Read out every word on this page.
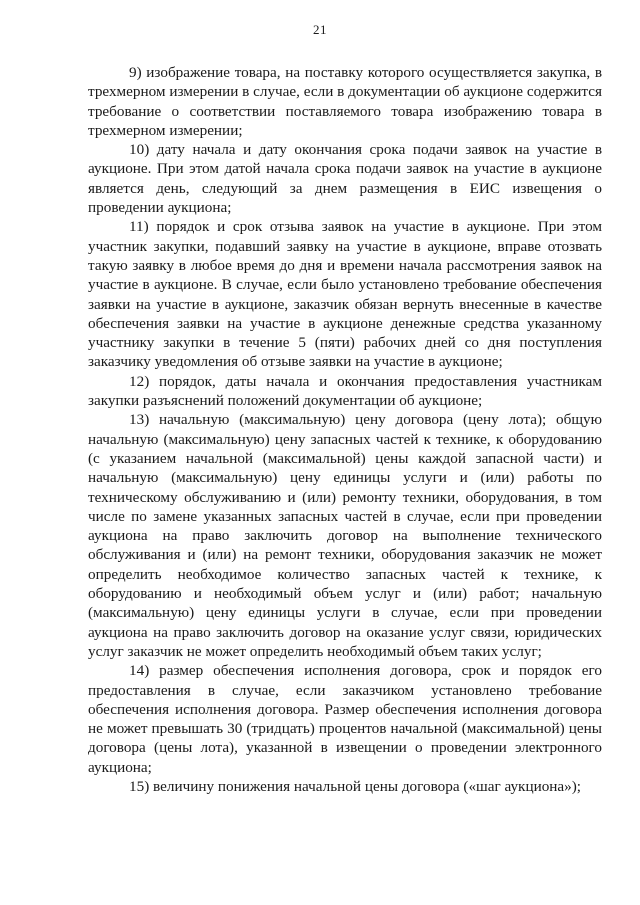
21

9) изображение товара, на поставку которого осуществляется закупка, в трехмерном измерении в случае, если в документации об аукционе содержится требование о соответствии поставляемого товара изображению товара в трехмерном измерении;

10) дату начала и дату окончания срока подачи заявок на участие в аукционе. При этом датой начала срока подачи заявок на участие в аукционе является день, следующий за днем размещения в ЕИС извещения о проведении аукциона;

11) порядок и срок отзыва заявок на участие в аукционе. При этом участник закупки, подавший заявку на участие в аукционе, вправе отозвать такую заявку в любое время до дня и времени начала рассмотрения заявок на участие в аукционе. В случае, если было установлено требование обеспечения заявки на участие в аукционе, заказчик обязан вернуть внесенные в качестве обеспечения заявки на участие в аукционе денежные средства указанному участнику закупки в течение 5 (пяти) рабочих дней со дня поступления заказчику уведомления об отзыве заявки на участие в аукционе;

12) порядок, даты начала и окончания предоставления участникам закупки разъяснений положений документации об аукционе;

13) начальную (максимальную) цену договора (цену лота); общую начальную (максимальную) цену запасных частей к технике, к оборудованию (с указанием начальной (максимальной) цены каждой запасной части) и начальную (максимальную) цену единицы услуги и (или) работы по техническому обслуживанию и (или) ремонту техники, оборудования, в том числе по замене указанных запасных частей в случае, если при проведении аукциона на право заключить договор на выполнение технического обслуживания и (или) на ремонт техники, оборудования заказчик не может определить необходимое количество запасных частей к технике, к оборудованию и необходимый объем услуг и (или) работ; начальную (максимальную) цену единицы услуги в случае, если при проведении аукциона на право заключить договор на оказание услуг связи, юридических услуг заказчик не может определить необходимый объем таких услуг;

14) размер обеспечения исполнения договора, срок и порядок его предоставления в случае, если заказчиком установлено требование обеспечения исполнения договора. Размер обеспечения исполнения договора не может превышать 30 (тридцать) процентов начальной (максимальной) цены договора (цены лота), указанной в извещении о проведении электронного аукциона;

15) величину понижения начальной цены договора («шаг аукциона»);
